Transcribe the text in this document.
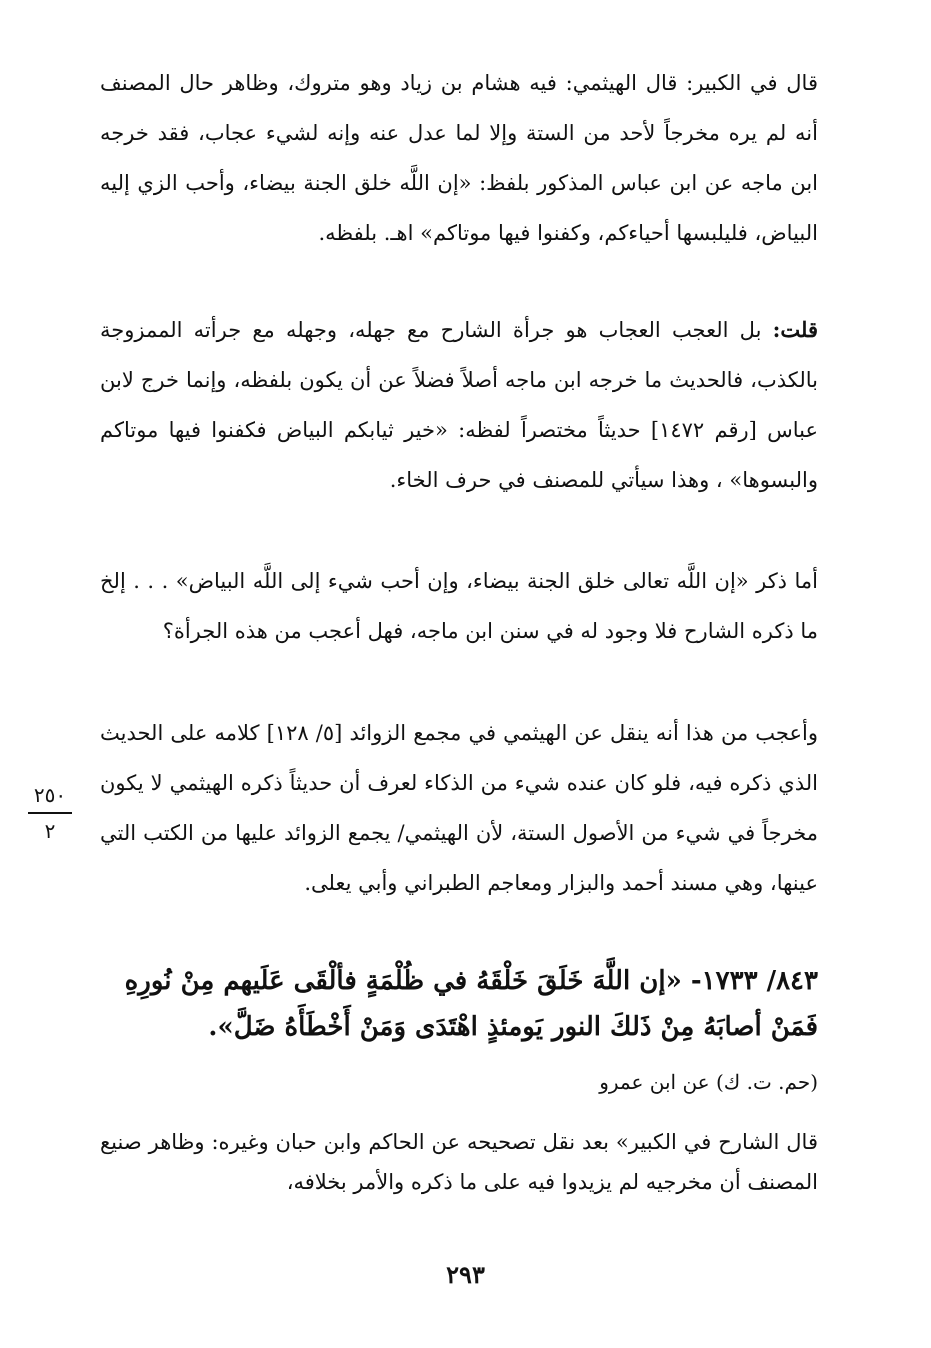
قال في الكبير: قال الهيثمي: فيه هشام بن زياد وهو متروك، وظاهر حال المصنف أنه لم يره مخرجاً لأحد من الستة وإلا لما عدل عنه وإنه لشيء عجاب، فقد خرجه ابن ماجه عن ابن عباس المذكور بلفظ: «إن اللَّه خلق الجنة بيضاء، وأحب الزي إليه البياض، فليلبسها أحياءكم، وكفنوا فيها موتاكم» اهـ. بلفظه.
قلت: بل العجب العجاب هو جرأة الشارح مع جهله، وجهله مع جرأته الممزوجة بالكذب، فالحديث ما خرجه ابن ماجه أصلاً فضلاً عن أن يكون بلفظه، وإنما خرج لابن عباس [رقم ١٤٧٢] حديثاً مختصراً لفظه: «خير ثيابكم البياض فكفنوا فيها موتاكم والبسوها» ، وهذا سيأتي للمصنف في حرف الخاء.
أما ذكر «إن اللَّه تعالى خلق الجنة بيضاء، وإن أحب شيء إلى اللَّه البياض» . . . إلخ ما ذكره الشارح فلا وجود له في سنن ابن ماجه، فهل أعجب من هذه الجرأة؟
وأعجب من هذا أنه ينقل عن الهيثمي في مجمع الزوائد [٥/ ١٢٨] كلامه على الحديث الذي ذكره فيه، فلو كان عنده شيء من الذكاء لعرف أن حديثاً ذكره الهيثمي لا يكون مخرجاً في شيء من الأصول الستة، لأن الهيثمي/ يجمع الزوائد عليها من الكتب التي عينها، وهي مسند أحمد والبزار ومعاجم الطبراني وأبي يعلى.
٢٥٠
٢
٨٤٣/ ١٧٣٣- «إن اللَّهَ خَلَقَ خَلْقَهُ في ظُلْمَةٍ فألْقَى عَلَيهم مِنْ نُورِهِ فَمَنْ أصابَهُ مِنْ ذَلكَ النور يَومئذٍ اهْتَدَى وَمَنْ أَخْطَأَهُ ضَلَّ».
(حم. ت. ك) عن ابن عمرو
قال الشارح في الكبير» بعد نقل تصحيحه عن الحاكم وابن حبان وغيره: وظاهر صنيع المصنف أن مخرجيه لم يزيدوا فيه على ما ذكره والأمر بخلافه،
٢٩٣
